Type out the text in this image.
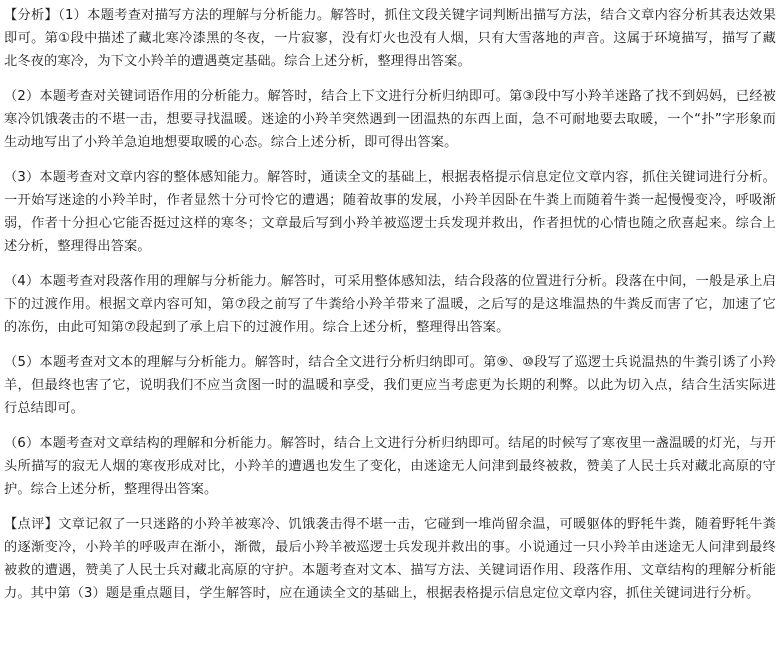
【分析】（1）本题考查对描写方法的理解与分析能力。解答时，抓住文段关键字词判断出描写方法，结合文章内容分析其表达效果即可。第①段中描述了藏北寒冷漆黑的冬夜，一片寂寥，没有灯火也没有人烟，只有大雪落地的声音。这属于环境描写，描写了藏北冬夜的寒冷，为下文小羚羊的遭遇奠定基础。综合上述分析，整理得出答案。

（2）本题考查对关键词语作用的分析能力。解答时，结合上下文进行分析归纳即可。第③段中写小羚羊迷路了找不到妈妈，已经被寒冷饥饿袭击的不堪一击，想要寻找温暖。迷途的小羚羊突然遇到一团温热的东西上面，急不可耐地要去取暖，一个“扑”字形象而生动地写出了小羚羊急迫地想要取暖的心态。综合上述分析，即可得出答案。

（3）本题考查对文章内容的整体感知能力。解答时，通读全文的基础上，根据表格提示信息定位文章内容，抓住关键词进行分析。一开始写迷途的小羚羊时，作者显然十分可怜它的遭遇；随着故事的发展，小羚羊因卧在牛粪上而随着牛粪一起慢慢变冷，呼吸渐弱，作者十分担心它能否挺过这样的寒冬；文章最后写到小羚羊被巡逻士兵发现并救出，作者担忧的心情也随之欣喜起来。综合上述分析，整理得出答案。

（4）本题考查对段落作用的理解与分析能力。解答时，可采用整体感知法，结合段落的位置进行分析。段落在中间，一般是承上启下的过渡作用。根据文章内容可知，第⑦段之前写了牛粪给小羚羊带来了温暖，之后写的是这堆温热的牛粪反而害了它，加速了它的冻伤，由此可知第⑦段起到了承上启下的过渡作用。综合上述分析，整理得出答案。

（5）本题考查对文本的理解与分析能力。解答时，结合全文进行分析归纳即可。第⑨、⑩段写了巡逻士兵说温热的牛粪引诱了小羚羊，但最终也害了它，说明我们不应当贪图一时的温暖和享受，我们更应当考虑更为长期的利弊。以此为切入点，结合生活实际进行总结即可。

（6）本题考查对文章结构的理解和分析能力。解答时，结合上文进行分析归纳即可。结尾的时候写了寒夜里一盏温暖的灯光，与开头所描写的寂无人烟的寒夜形成对比，小羚羊的遭遇也发生了变化，由迷途无人问津到最终被救，赞美了人民士兵对藏北高原的守护。综合上述分析，整理得出答案。

【点评】文章记叙了一只迷路的小羚羊被寒冷、饥饿袭击得不堪一击，它碰到一堆尚留余温，可暖躯体的野牦牛粪，随着野牦牛粪的逐渐变冷，小羚羊的呼吸声在渐小，渐微，最后小羚羊被巡逻士兵发现并救出的事。小说通过一只小羚羊由迷途无人问津到最终被救的遭遇，赞美了人民士兵对藏北高原的守护。本题考查对文本、描写方法、关键词语作用、段落作用、文章结构的理解分析能力。其中第（3）题是重点题目，学生解答时，应在通读全文的基础上，根据表格提示信息定位文章内容，抓住关键词进行分析。
